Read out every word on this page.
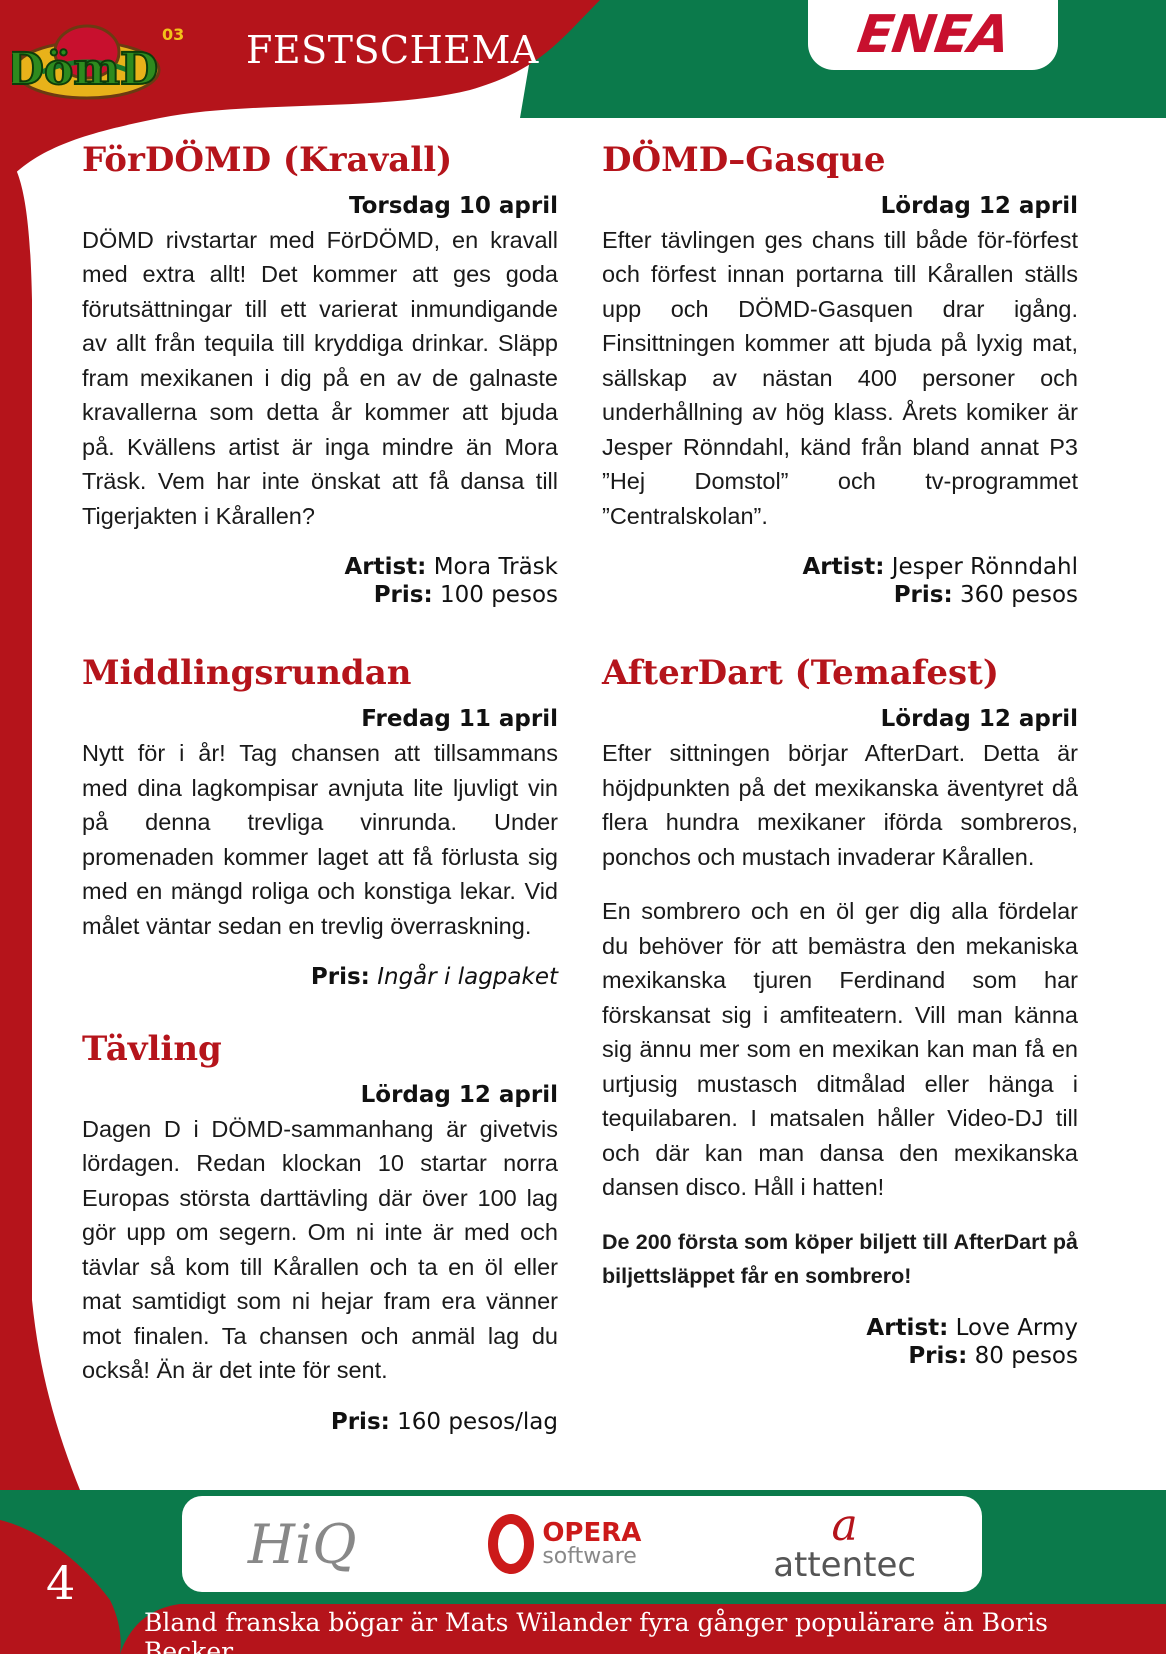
DömD
03 FESTSCHEMA	ENEA
FörDÖMD (Kravall)

Torsdag 10 april

DÖMD rivstartar med FörDÖMD, en kravall med extra allt! Det kommer att ges goda förutsättningar till ett varierat inmundigande av allt från tequila till kryddiga drinkar. Släpp fram mexikanen i dig på en av de galnaste kravallerna som detta år kommer att bjuda på. Kvällens artist är inga mindre än Mora Träsk. Vem har inte önskat att få dansa till Tigerjakten i Kårallen?

Artist: Mora Träsk

Pris: 100 pesos

Middlingsrundan

Fredag 11 april

Nytt för i år! Tag chansen att tillsammans med dina lagkompisar avnjuta lite ljuvligt vin på denna trevliga vinrunda. Under promenaden kommer laget att få förlusta sig med en mängd roliga och konstiga lekar. Vid målet väntar sedan en trevlig överraskning.

Pris: Ingår i lagpaket

Tävling

Lördag 12 april

Dagen D i DÖMD-sammanhang är givetvis lördagen. Redan klockan 10 startar norra Europas största darttävling där över 100 lag gör upp om segern. Om ni inte är med och tävlar så kom till Kårallen och ta en öl eller mat samtidigt som ni hejar fram era vänner mot finalen. Ta chansen och anmäl lag du också! Än är det inte för sent.

Pris: 160 pesos/lag

DÖMD–Gasque

Lördag 12 april

Efter tävlingen ges chans till både för-förfest och förfest innan portarna till Kårallen ställs upp och DÖMD-Gasquen drar igång. Finsittningen kommer att bjuda på lyxig mat, sällskap av nästan 400 personer och underhållning av hög klass. Årets komiker är Jesper Rönndahl, känd från bland annat P3 ”Hej Domstol” och tv-programmet ”Centralskolan”.

Artist: Jesper Rönndahl

Pris: 360 pesos

AfterDart (Temafest)

Lördag 12 april

Efter sittningen börjar AfterDart. Detta är höjdpunkten på det mexikanska äventyret då flera hundra mexikaner iförda sombreros, ponchos och mustach invaderar Kårallen.

En sombrero och en öl ger dig alla fördelar du behöver för att bemästra den mekaniska mexikanska tjuren Ferdinand som har förskansat sig i amfiteatern. Vill man känna sig ännu mer som en mexikan kan man få en urtjusig mustasch ditmålad eller hänga i tequilabaren. I matsalen håller Video-DJ till och där kan man dansa den mexikanska dansen disco. Håll i hatten!

De 200 första som köper biljett till AfterDart på biljettsläppet får en sombrero!

Artist: Love Army

Pris: 80 pesos

HiQ	OPERA
software
a
attentec
4
Bland franska bögar är Mats Wilander fyra gånger populärare än Boris Becker.
